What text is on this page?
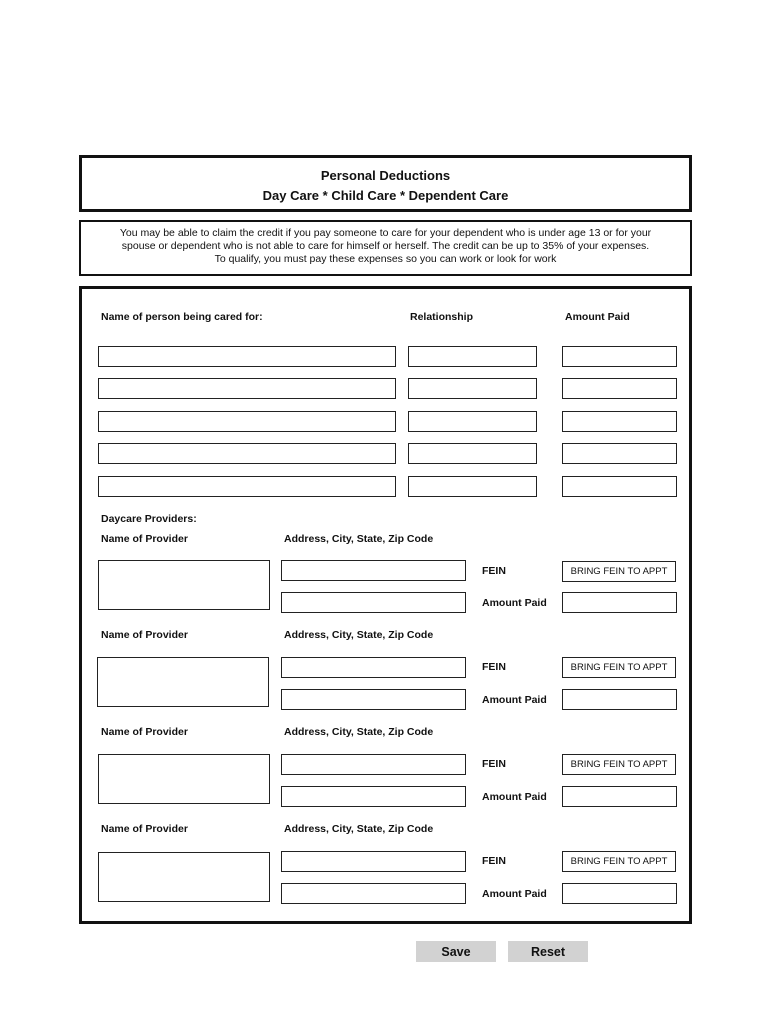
Personal Deductions
Day Care * Child Care * Dependent Care
You may be able to claim the credit if you pay someone to care for your dependent who is under age 13 or for your
spouse or dependent who is not able to care for himself or herself. The credit can be up to 35% of your expenses.
To qualify, you must pay these expenses so you can work or look for work
Name of person being cared for:	Relationship	Amount Paid
Daycare Providers:
Name of Provider	Address, City, State, Zip Code
FEIN	BRING FEIN TO APPT
Amount Paid
Name of Provider	Address, City, State, Zip Code
FEIN	BRING FEIN TO APPT
Amount Paid
Name of Provider	Address, City, State, Zip Code
FEIN	BRING FEIN TO APPT
Amount Paid
Name of Provider	Address, City, State, Zip Code
FEIN	BRING FEIN TO APPT
Amount Paid
Save	Reset
